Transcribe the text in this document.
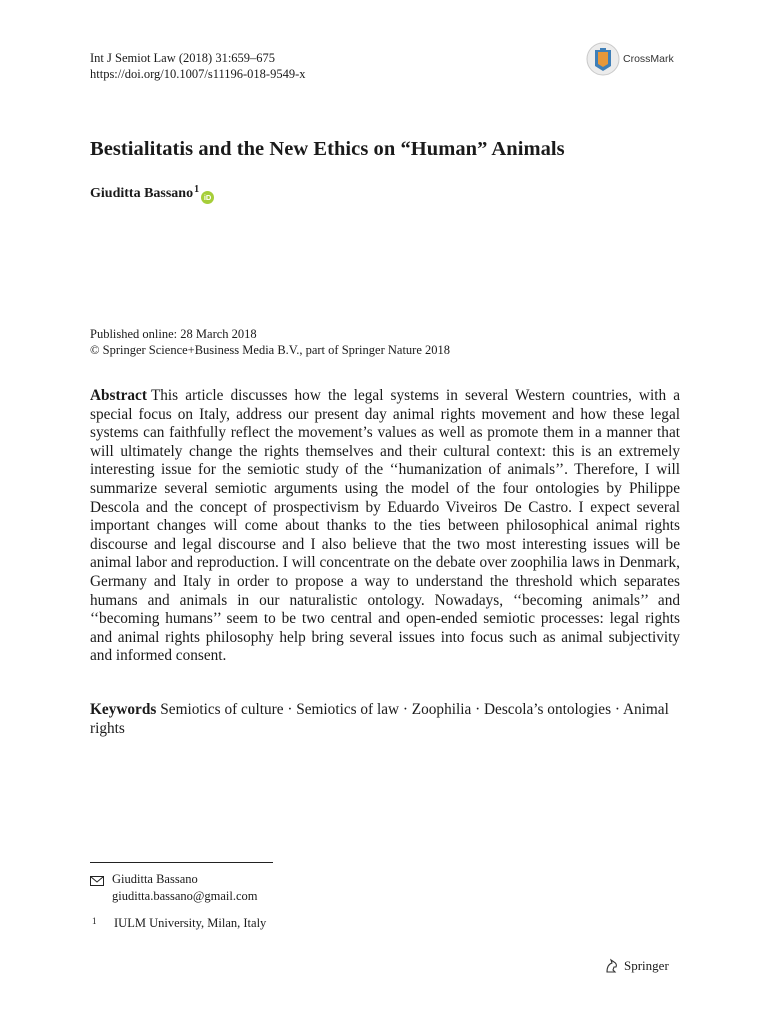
Int J Semiot Law (2018) 31:659–675
https://doi.org/10.1007/s11196-018-9549-x
CrossMark
Bestialitatis and the New Ethics on “Human” Animals
Giuditta Bassano$^1$
iD
Published online: 28 March 2018
© Springer Science+Business Media B.V., part of Springer Nature 2018

Abstract This article discusses how the legal systems in several Western countries, with a special focus on Italy, address our present day animal rights movement and how these legal systems can faithfully reflect the movement’s values as well as promote them in a manner that will ultimately change the rights themselves and their cultural context: this is an extremely interesting issue for the semiotic study of the ‘‘humanization of animals’’. Therefore, I will summarize several semiotic arguments using the model of the four ontologies by Philippe Descola and the concept of prospectivism by Eduardo Viveiros De Castro. I expect several important changes will come about thanks to the ties between philosophical animal rights discourse and legal discourse and I also believe that the two most interesting issues will be animal labor and reproduction. I will concentrate on the debate over zoophilia laws in Denmark, Germany and Italy in order to propose a way to understand the threshold which separates humans and animals in our naturalistic ontology. Nowadays, ‘‘becoming animals’’ and ‘‘becoming humans’’ seem to be two central and open-ended semiotic processes: legal rights and animal rights philosophy help bring several issues into focus such as animal subjectivity and informed consent.

Keywords Semiotics of culture · Semiotics of law · Zoophilia · Descola’s ontologies · Animal rights

Giuditta Bassano
giuditta.bassano@gmail.com
1	IULM University, Milan, Italy
Springer
